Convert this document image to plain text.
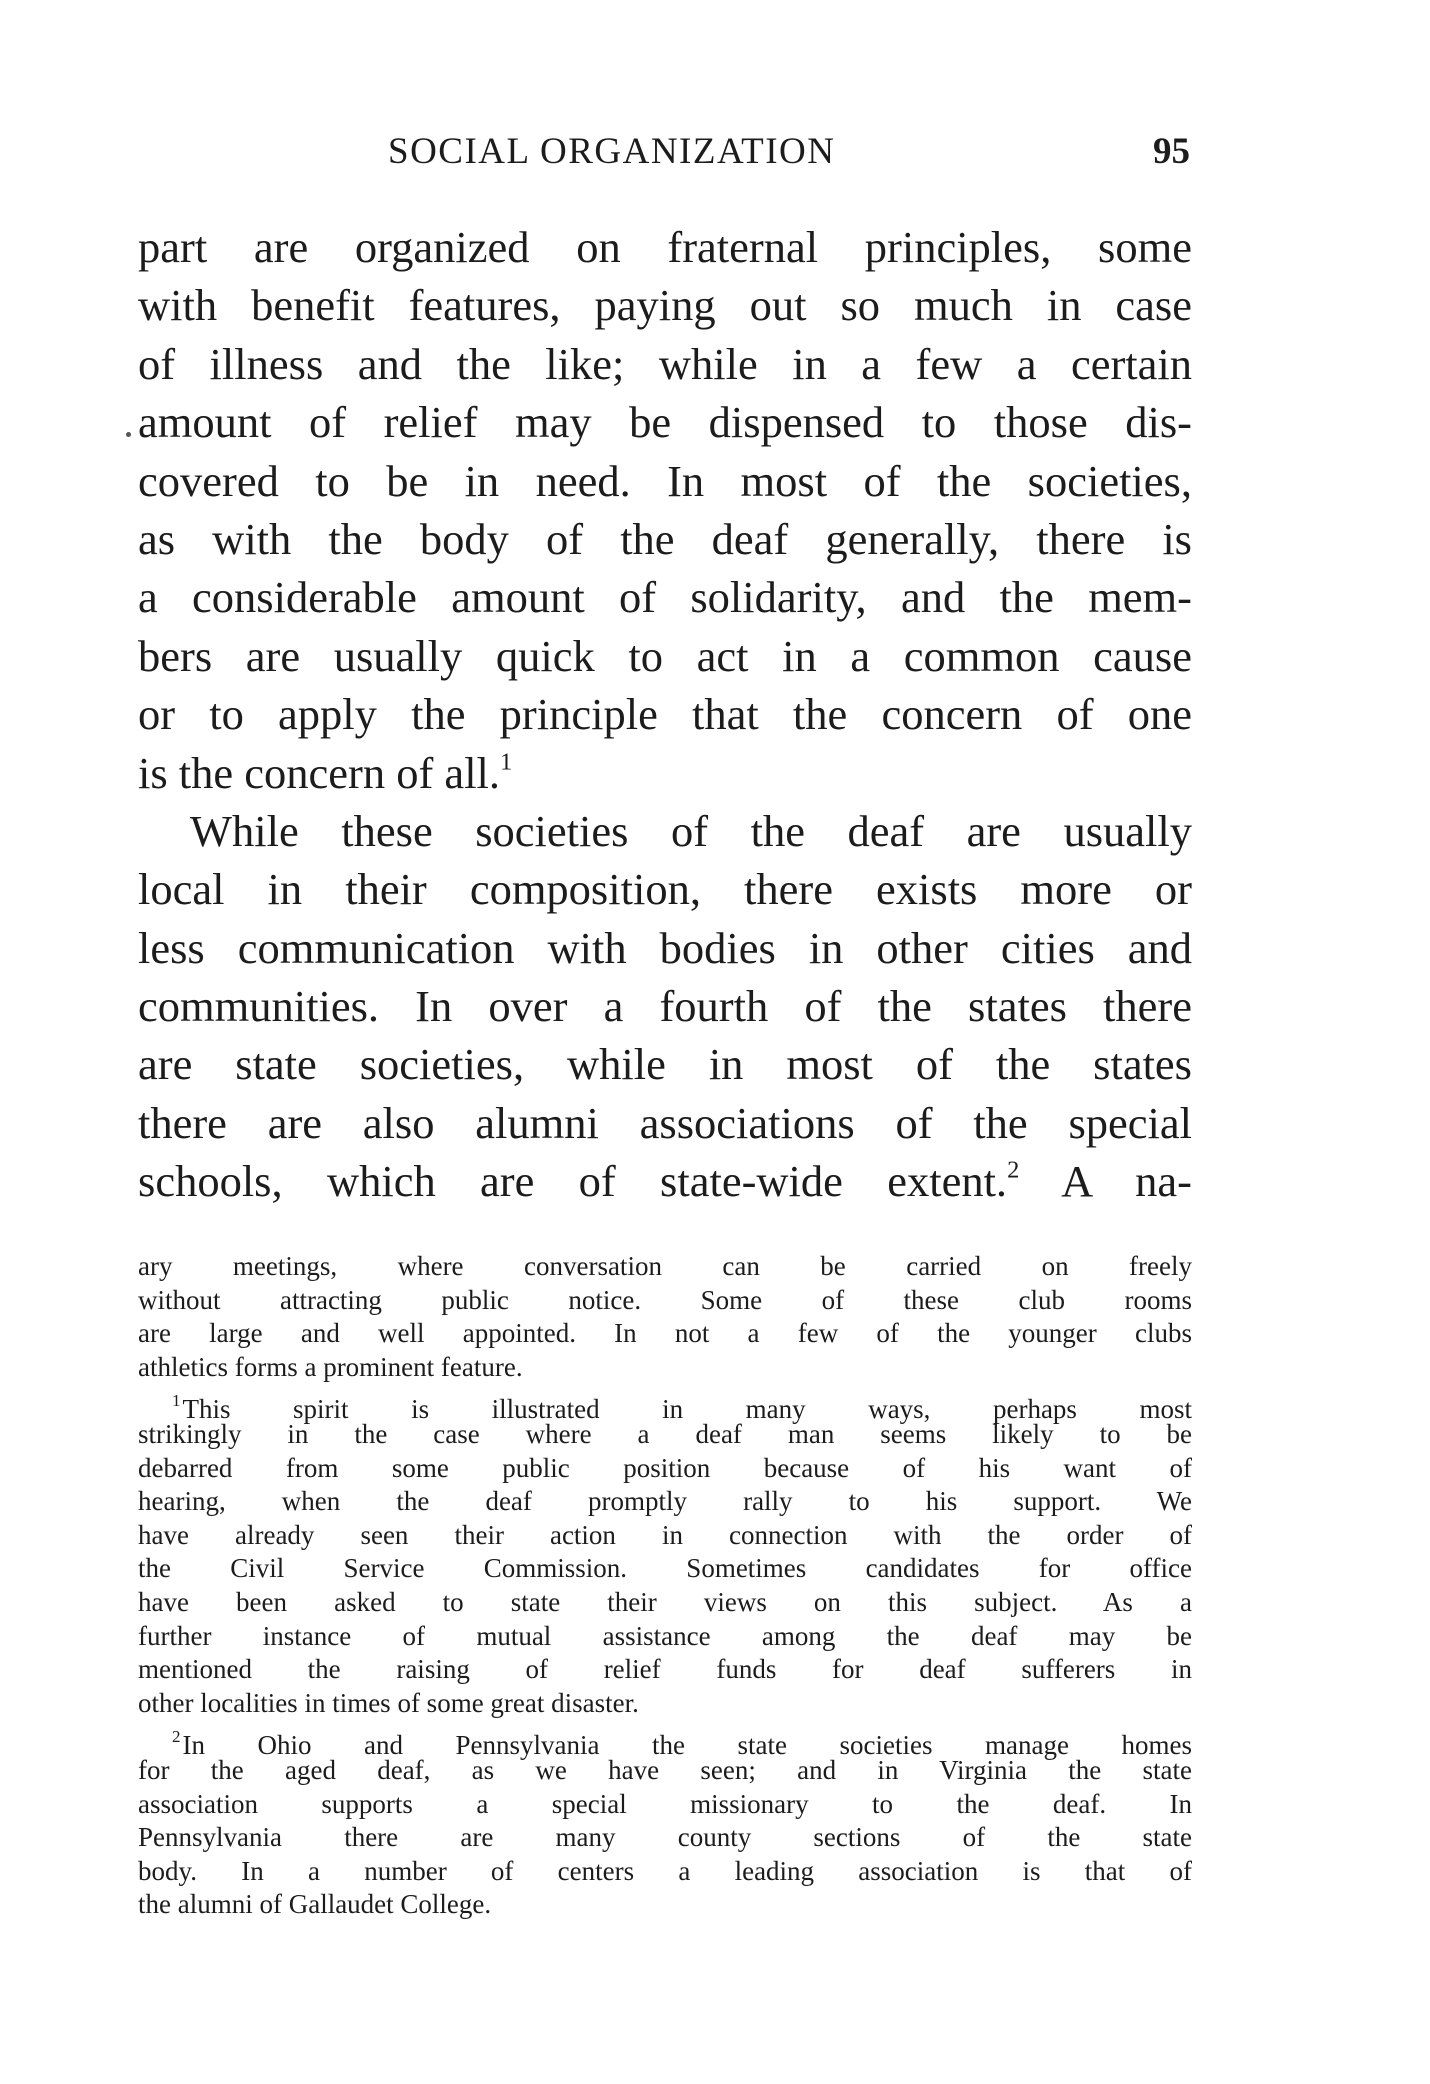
SOCIAL ORGANIZATION	95
part are organized on fraternal principles, some
with benefit features, paying out so much in case
of illness and the like; while in a few a certain
amount of relief may be dispensed to those dis-
covered to be in need. In most of the societies,
as with the body of the deaf generally, there is
a considerable amount of solidarity, and the mem-
bers are usually quick to act in a common cause
or to apply the principle that the concern of one
is the concern of all.$^1$
While these societies of the deaf are usually
local in their composition, there exists more or
less communication with bodies in other cities and
communities. In over a fourth of the states there
are state societies, while in most of the states
there are also alumni associations of the special
schools, which are of state-wide extent.$^2$ A na-
ary meetings, where conversation can be carried on freely
without attracting public notice. Some of these club rooms
are large and well appointed. In not a few of the younger clubs
athletics forms a prominent feature.
$^1$This spirit is illustrated in many ways, perhaps most
strikingly in the case where a deaf man seems likely to be
debarred from some public position because of his want of
hearing, when the deaf promptly rally to his support. We
have already seen their action in connection with the order of
the Civil Service Commission. Sometimes candidates for office
have been asked to state their views on this subject. As a
further instance of mutual assistance among the deaf may be
mentioned the raising of relief funds for deaf sufferers in
other localities in times of some great disaster.
$^2$In Ohio and Pennsylvania the state societies manage homes
for the aged deaf, as we have seen; and in Virginia the state
association supports a special missionary to the deaf. In
Pennsylvania there are many county sections of the state
body. In a number of centers a leading association is that of
the alumni of Gallaudet College.
